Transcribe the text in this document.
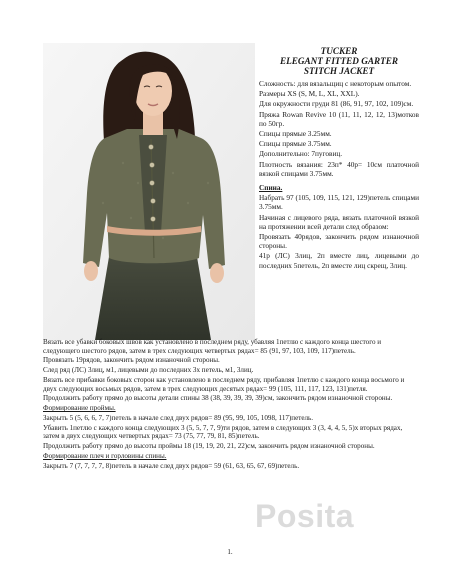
TUCKER
ELEGANT FITTED GARTER
STITCH JACKET

Сложность: для вязальщиц с некоторым опытом.

Размеры XS (S, M, L, XL, XXL).

Для окружности груди 81 (86, 91, 97, 102, 109)см.

Пряжа Rowan Revive 10 (11, 11, 12, 12, 13)мотков по 50гр.

Спицы прямые 3.25мм.

Спицы прямые 3.75мм.

Дополнительно: 7пуговиц.

Плотность вязания: 23п* 40р= 10см платочной вязкой спицами 3.75мм.

Спина.

Набрать 97 (105, 109, 115, 121, 129)петель спицами 3.75мм.

Начиная с лицевого ряда, вязать платочной вязкой на протяжении всей детали след образом:

Провязать 40рядов, закончить рядом изнаночной стороны.

41р (ЛС) 3лиц, 2п вместе лиц, лицевыми до последних 5петель, 2п вместе лиц скрещ, 3лиц.

Вязать все убавки боковых швов как установлено в последнем ряду, убавляя 1петлю с каждого конца шестого и следующего шестого рядов, затем в трех следующих четвертых рядах= 85 (91, 97, 103, 109, 117)петель.

Провязать 19рядов, закончить рядом изнаночной стороны.

След ряд (ЛС) 3лиц, м1, лицевыми до последних 3х петель, м1, 3лиц.

Вязать все прибавки боковых сторон как установлено в последнем ряду, прибавляя 1петлю с каждого конца восьмого и двух следующих восьмых рядов, затем в трех следующих десятых рядах= 99 (105, 111, 117, 123, 131)петля.

Продолжить работу прямо до высоты детали спины 38 (38, 39, 39, 39, 39)см, закончить рядом изнаночной стороны.

Формирование проймы.

Закрыть 5 (5, 6, 6, 7, 7)петель в начале след двух рядов= 89 (95, 99, 105, 1098, 117)петель.

Убавить 1петлю с каждого конца следующих 3 (5, 5, 7, 7, 9)ти рядов, затем в следующих 3 (3, 4, 4, 5, 5)х вторых рядах, затем в двух следующих четвертых рядах= 73 (75, 77, 79, 81, 85)петель.

Продолжить работу прямо до высоты проймы 18 (19, 19, 20, 21, 22)см, закончить рядом изнаночной стороны.

Формирование плеч и горловины спины.

Закрыть 7 (7, 7, 7, 7, 8)петель в начале след двух рядов= 59 (61, 63, 65, 67, 69)петель.

Posita
1.
